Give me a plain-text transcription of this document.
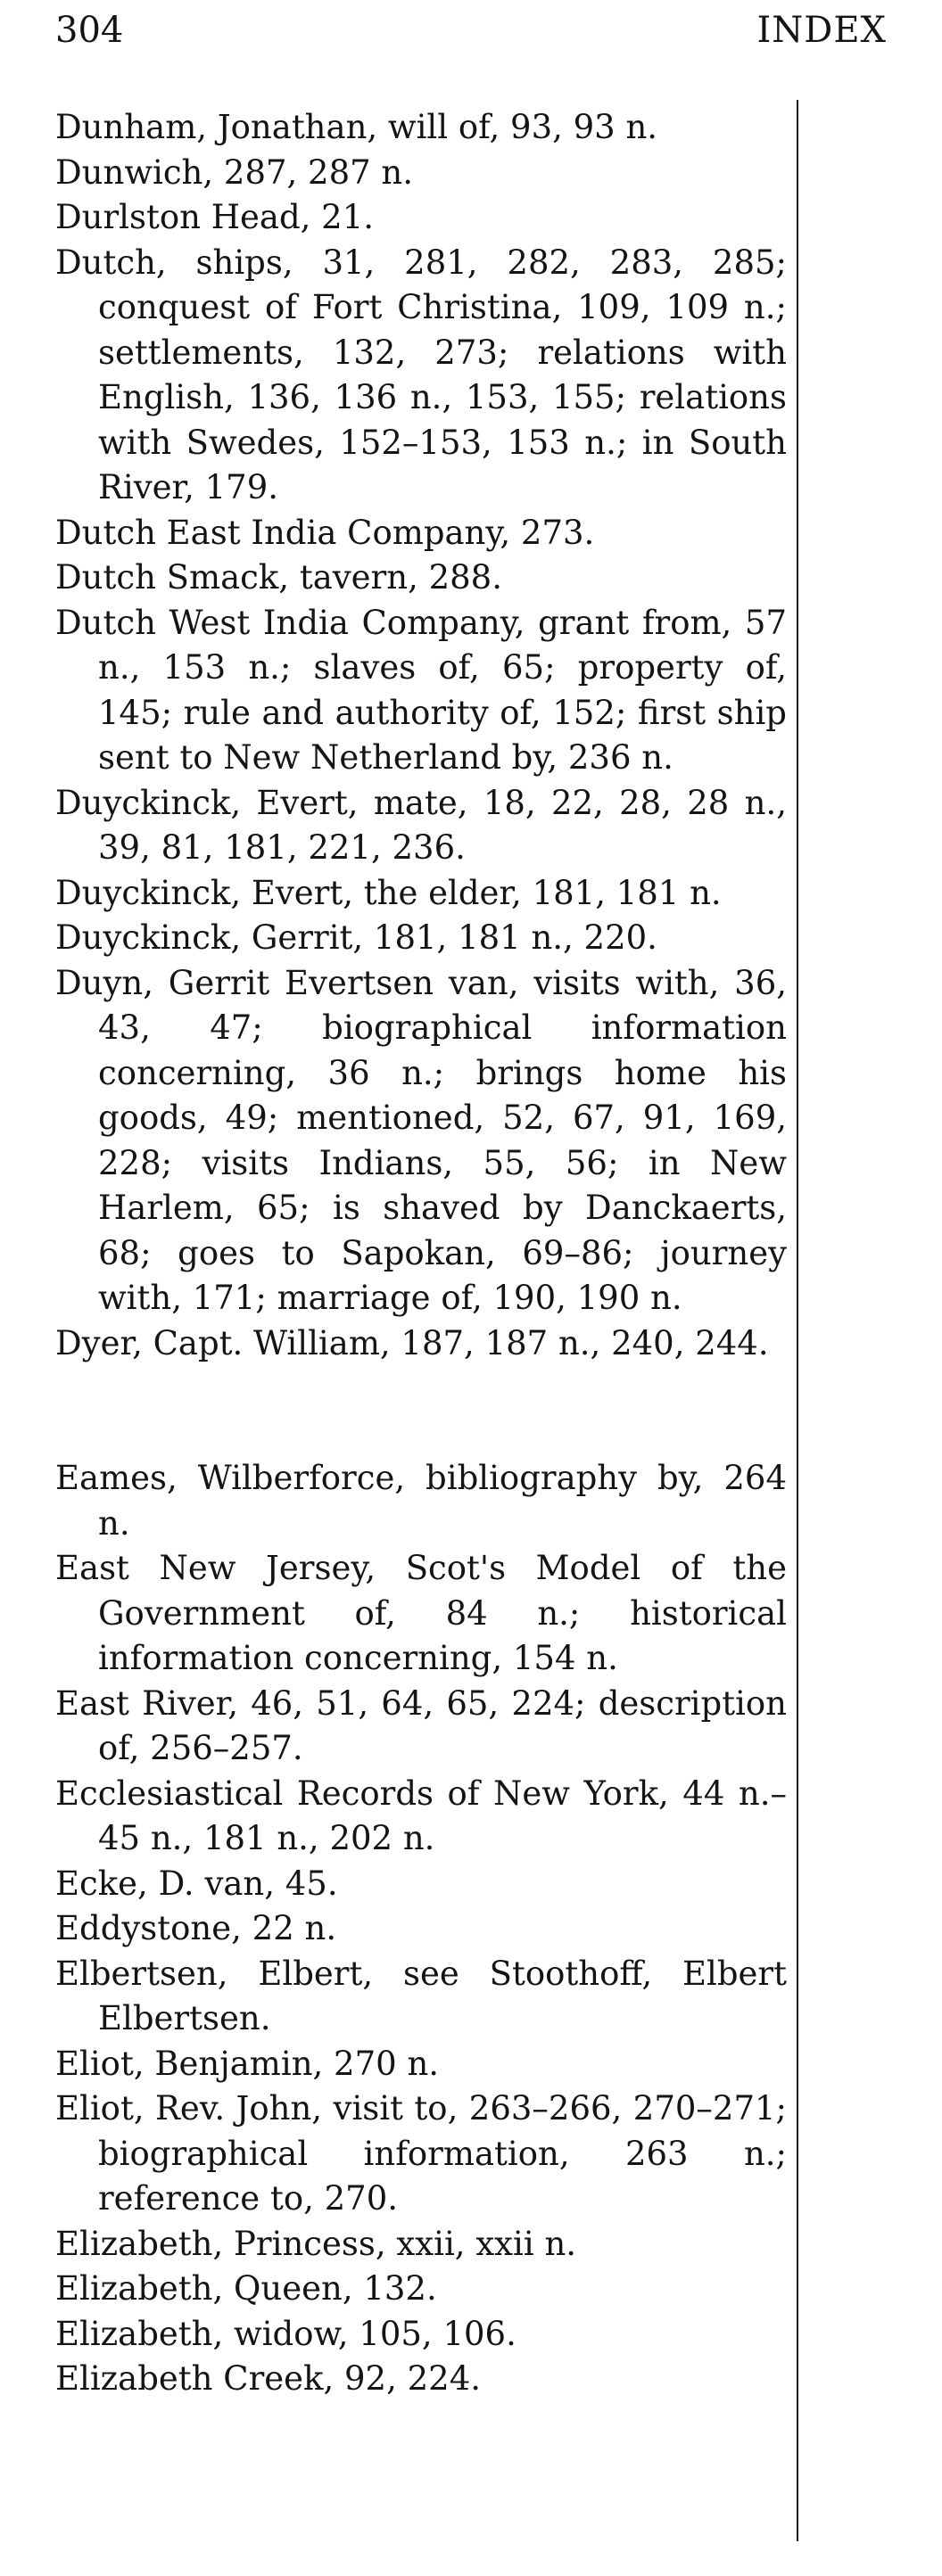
304	INDEX
Dunham, Jonathan, will of, 93, 93 n.
Dunwich, 287, 287 n.
Durlston Head, 21.
Dutch, ships, 31, 281, 282, 283, 285; conquest of Fort Christina, 109, 109 n.; settlements, 132, 273; relations with English, 136, 136 n., 153, 155; relations with Swedes, 152–153, 153 n.; in South River, 179.
Dutch East India Company, 273.
Dutch Smack, tavern, 288.
Dutch West India Company, grant from, 57 n., 153 n.; slaves of, 65; property of, 145; rule and authority of, 152; first ship sent to New Netherland by, 236 n.
Duyckinck, Evert, mate, 18, 22, 28, 28 n., 39, 81, 181, 221, 236.
Duyckinck, Evert, the elder, 181, 181 n.
Duyckinck, Gerrit, 181, 181 n., 220.
Duyn, Gerrit Evertsen van, visits with, 36, 43, 47; biographical information concerning, 36 n.; brings home his goods, 49; mentioned, 52, 67, 91, 169, 228; visits Indians, 55, 56; in New Harlem, 65; is shaved by Danckaerts, 68; goes to Sapokan, 69–86; journey with, 171; marriage of, 190, 190 n.
Dyer, Capt. William, 187, 187 n., 240, 244.
Eames, Wilberforce, bibliography by, 264 n.
East New Jersey, Scot's Model of the Government of, 84 n.; historical information concerning, 154 n.
East River, 46, 51, 64, 65, 224; description of, 256–257.
Ecclesiastical Records of New York, 44 n.–45 n., 181 n., 202 n.
Ecke, D. van, 45.
Eddystone, 22 n.
Elbertsen, Elbert, see Stoothoff, Elbert Elbertsen.
Eliot, Benjamin, 270 n.
Eliot, Rev. John, visit to, 263–266, 270–271; biographical information, 263 n.; reference to, 270.
Elizabeth, Princess, xxii, xxii n.
Elizabeth, Queen, 132.
Elizabeth, widow, 105, 106.
Elizabeth Creek, 92, 224.
